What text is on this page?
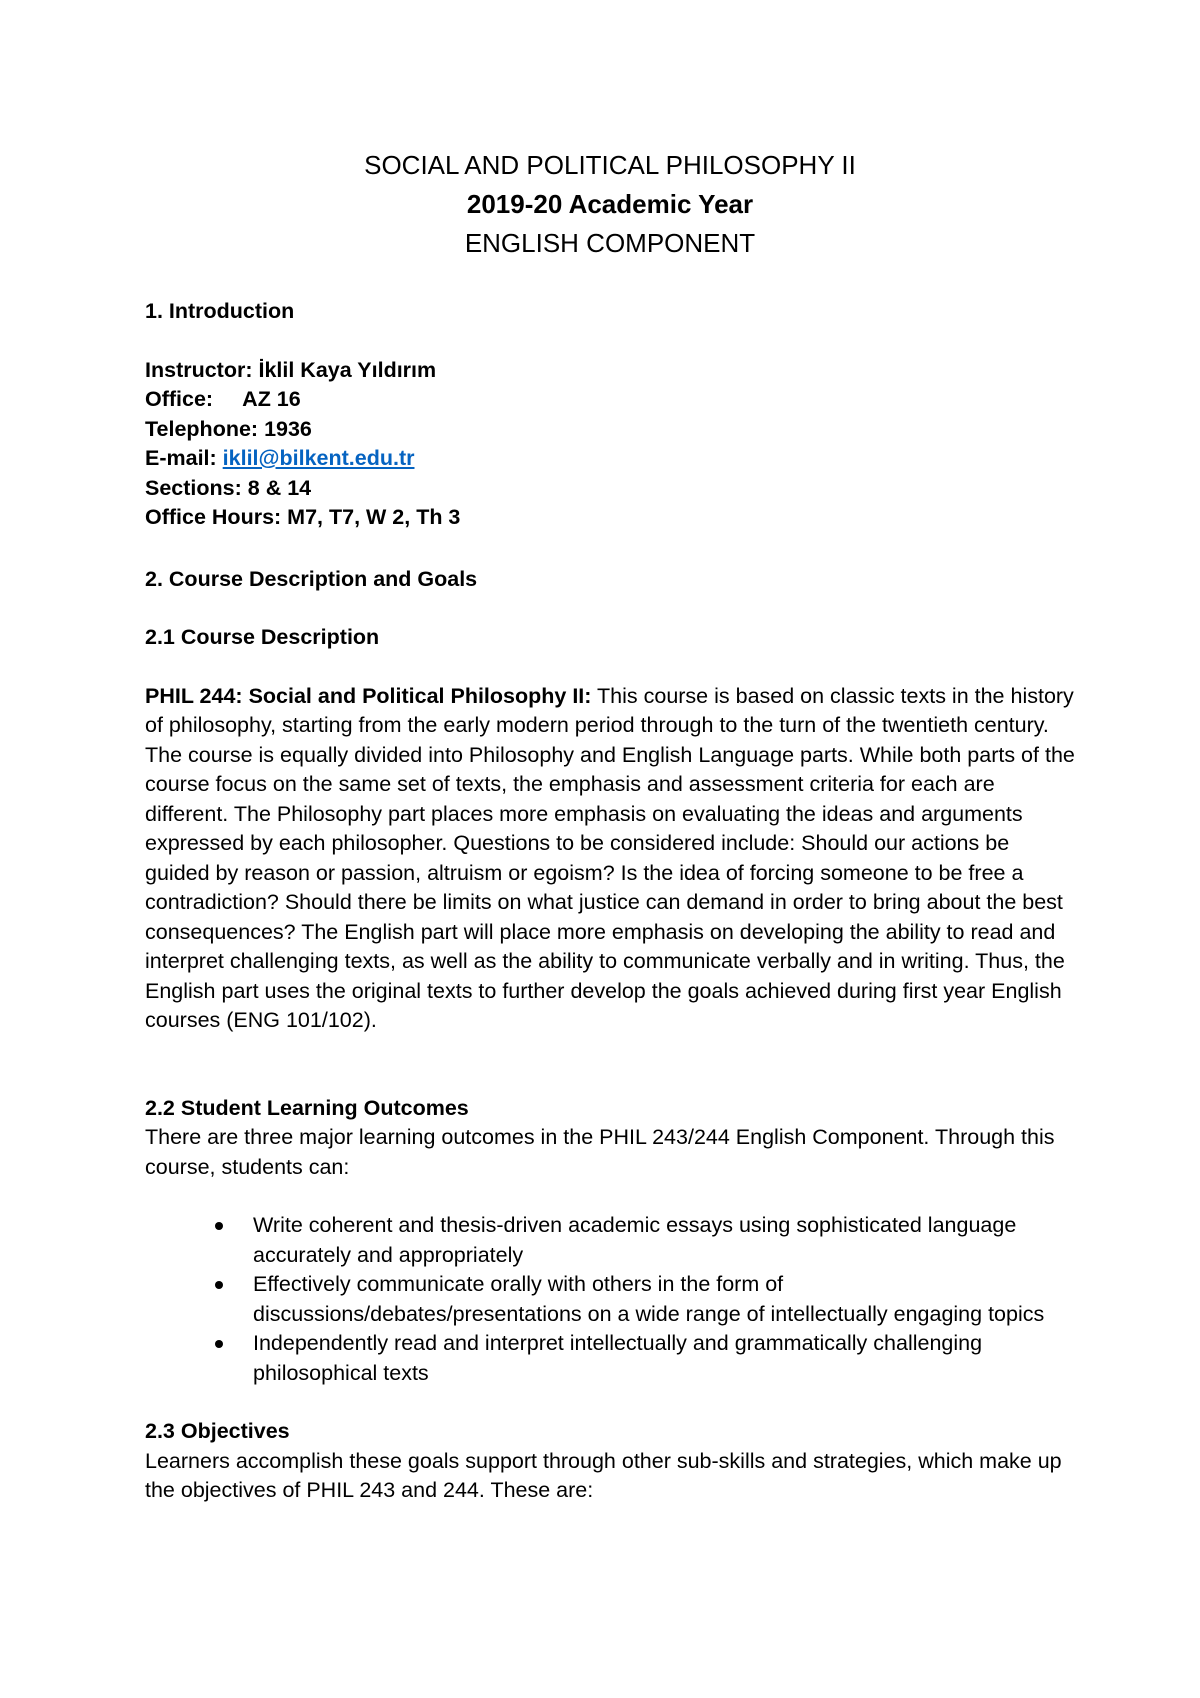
SOCIAL AND POLITICAL PHILOSOPHY II
2019-20 Academic Year
ENGLISH COMPONENT

1. Introduction

Instructor: İklil Kaya Yıldırım
Office: AZ 16
Telephone: 1936
E-mail: iklil@bilkent.edu.tr
Sections: 8 & 14
Office Hours: M7, T7, W 2, Th 3

2. Course Description and Goals

2.1 Course Description

PHIL 244: Social and Political Philosophy II: This course is based on classic texts in the history of philosophy, starting from the early modern period through to the turn of the twentieth century. The course is equally divided into Philosophy and English Language parts. While both parts of the course focus on the same set of texts, the emphasis and assessment criteria for each are different. The Philosophy part places more emphasis on evaluating the ideas and arguments expressed by each philosopher. Questions to be considered include: Should our actions be guided by reason or passion, altruism or egoism? Is the idea of forcing someone to be free a contradiction? Should there be limits on what justice can demand in order to bring about the best consequences? The English part will place more emphasis on developing the ability to read and interpret challenging texts, as well as the ability to communicate verbally and in writing. Thus, the English part uses the original texts to further develop the goals achieved during first year English courses (ENG 101/102).

2.2 Student Learning Outcomes

There are three major learning outcomes in the PHIL 243/244 English Component. Through this course, students can:

Write coherent and thesis-driven academic essays using sophisticated language accurately and appropriately
Effectively communicate orally with others in the form of discussions/debates/presentations on a wide range of intellectually engaging topics
Independently read and interpret intellectually and grammatically challenging philosophical texts

2.3 Objectives

Learners accomplish these goals support through other sub-skills and strategies, which make up the objectives of PHIL 243 and 244. These are:
